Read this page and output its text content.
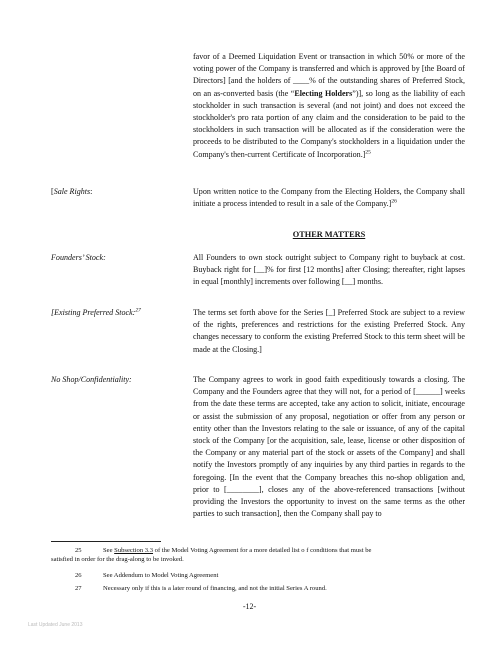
favor of a Deemed Liquidation Event or transaction in which 50% or more of the voting power of the Company is transferred and which is approved by [the Board of Directors] [and the holders of ____% of the outstanding shares of Preferred Stock, on an as-converted basis (the “Electing Holders”)], so long as the liability of each stockholder in such transaction is several (and not joint) and does not exceed the stockholder's pro rata portion of any claim and the consideration to be paid to the stockholders in such transaction will be allocated as if the consideration were the proceeds to be distributed to the Company's stockholders in a liquidation under the Company's then-current Certificate of Incorporation.]$^{25}$

[Sale Rights:	Upon written notice to the Company from the Electing Holders, the Company shall initiate a process intended to result in a sale of the Company.]$^{26}$

OTHER MATTERS

Founders’ Stock:	All Founders to own stock outright subject to Company right to buyback at cost. Buyback right for [__]% for first [12 months] after Closing; thereafter, right lapses in equal [monthly] increments over following [__] months.

[Existing Preferred Stock:$^{27}$	The terms set forth above for the Series [_] Preferred Stock are subject to a review of the rights, preferences and restrictions for the existing Preferred Stock. Any changes necessary to conform the existing Preferred Stock to this term sheet will be made at the Closing.]

No Shop/Confidentiality:	The Company agrees to work in good faith expeditiously towards a closing. The Company and the Founders agree that they will not, for a period of [______] weeks from the date these terms are accepted, take any action to solicit, initiate, encourage or assist the submission of any proposal, negotiation or offer from any person or entity other than the Investors relating to the sale or issuance, of any of the capital stock of the Company [or the acquisition, sale, lease, license or other disposition of the Company or any material part of the stock or assets of the Company] and shall notify the Investors promptly of any inquiries by any third parties in regards to the foregoing. [In the event that the Company breaches this no-shop obligation and, prior to [________], closes any of the above-referenced transactions [without providing the Investors the opportunity to invest on the same terms as the other parties to such transaction], then the Company shall pay to

25	See Subsection 3.3 of the Model Voting Agreement for a more detailed list o f conditions that must be
satisfied in order for the drag-along to be invoked.

26	See Addendum to Model Voting Agreement

27	Necessary only if this is a later round of financing, and not the initial Series A round.

-12-

Last Updated June 2013
